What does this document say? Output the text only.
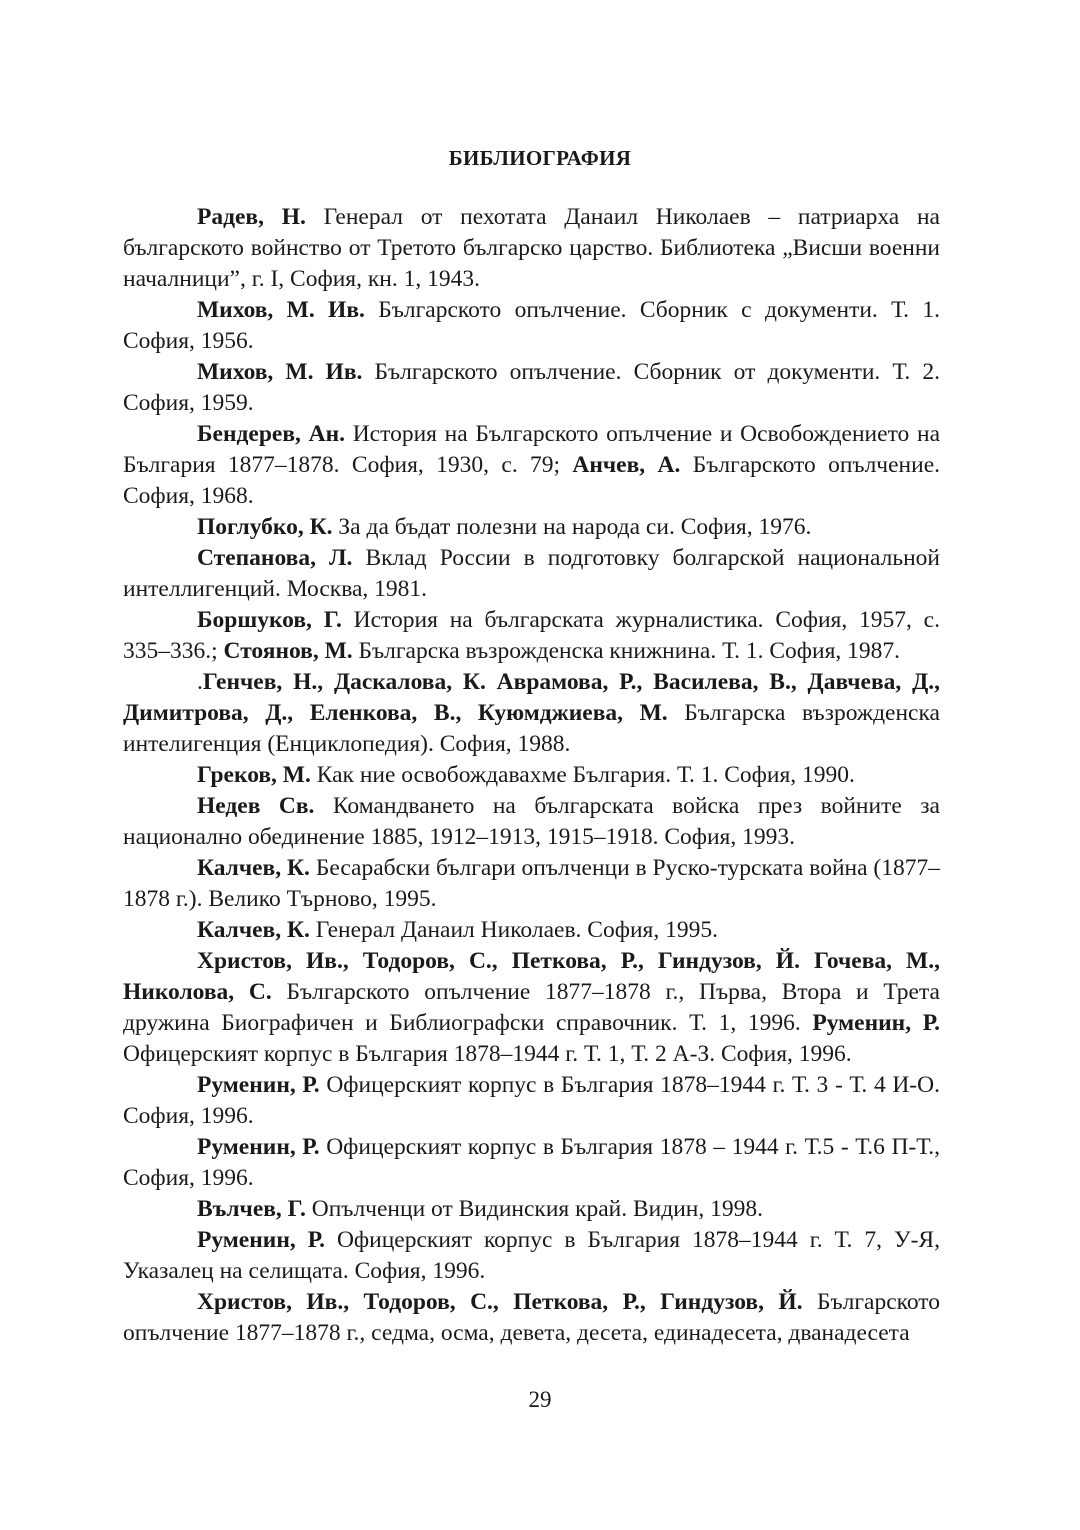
БИБЛИОГРАФИЯ

Радев, Н. Генерал от пехотата Данаил Николаев – патриарха на българското войнство от Третото българско царство. Библиотека „Висши военни началници”, г. I, София, кн. 1, 1943.

Михов, М. Ив. Българското опълчение. Сборник с документи. Т. 1. София, 1956.

Михов, М. Ив. Българското опълчение. Сборник от документи. Т. 2. София, 1959.

Бендерев, Ан. История на Българското опълчение и Освобождението на България 1877–1878. София, 1930, с. 79; Анчев, А. Българското опълчение. София, 1968.

Поглубко, К. За да бъдат полезни на народа си. София, 1976.

Степанова, Л. Вклад России в подготовку болгарской национальной интеллигенций. Москва, 1981.

Боршуков, Г. История на българската журналистика. София, 1957, с. 335–336.; Стоянов, М. Българска възрожденска книжнина. Т. 1. София, 1987.

.Генчев, Н., Даскалова, К. Аврамова, Р., Василева, В., Давчева, Д., Димитрова, Д., Еленкова, В., Куюмджиева, М. Българска възрожденска интелигенция (Енциклопедия). София, 1988.

Греков, М. Как ние освобождавахме България. Т. 1. София, 1990.

Недев Св. Командването на българската войска през войните за национално обединение 1885, 1912–1913, 1915–1918. София, 1993.

Калчев, К. Бесарабски българи опълченци в Руско-турската война (1877–1878 г.). Велико Търново, 1995.

Калчев, К. Генерал Данаил Николаев. София, 1995.

Христов, Ив., Тодоров, С., Петкова, Р., Гиндузов, Й. Гочева, М., Николова, С. Българското опълчение 1877–1878 г., Първа, Втора и Трета дружина Биографичен и Библиографски справочник. Т. 1, 1996. Руменин, Р. Офицерският корпус в България 1878–1944 г. Т. 1, Т. 2 А-З. София, 1996.

Руменин, Р. Офицерският корпус в България 1878–1944 г. Т. 3 - Т. 4 И-О. София, 1996.

Руменин, Р. Офицерският корпус в България 1878 – 1944 г. Т.5 - Т.6 П-Т., София, 1996.

Вълчев, Г. Опълченци от Видинския край. Видин, 1998.

Руменин, Р. Офицерският корпус в България 1878–1944 г. Т. 7, У-Я, Указалец на селищата. София, 1996.

Христов, Ив., Тодоров, С., Петкова, Р., Гиндузов, Й. Българското опълчение 1877–1878 г., седма, осма, девета, десета, единадесета, дванадесета

29
